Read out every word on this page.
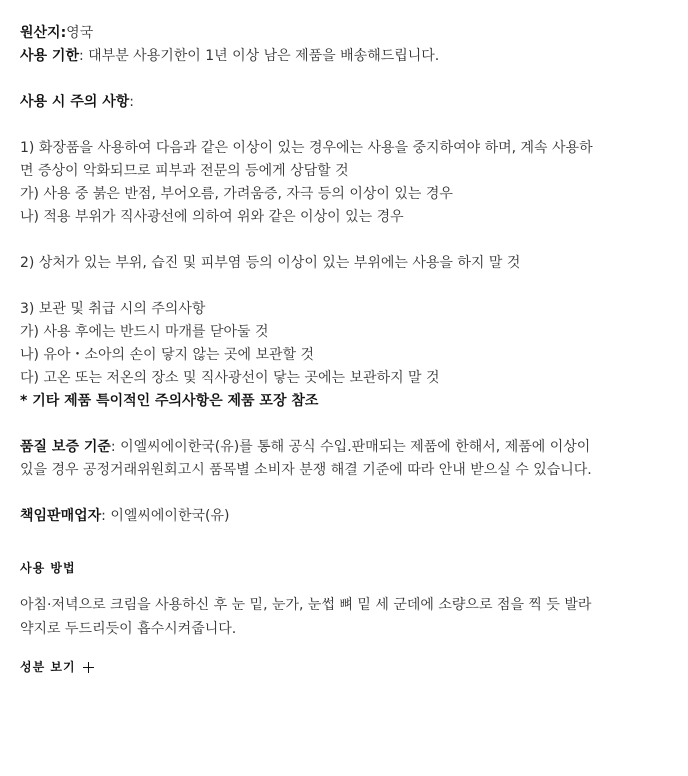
원산지:영국
사용 기한: 대부분 사용기한이 1년 이상 남은 제품을 배송해드립니다.
사용 시 주의 사항:
1) 화장품을 사용하여 다음과 같은 이상이 있는 경우에는 사용을 중지하여야 하며, 계속 사용하
면 증상이 악화되므로 피부과 전문의 등에게 상담할 것
가) 사용 중 붉은 반점, 부어오름, 가려움증, 자극 등의 이상이 있는 경우
나) 적용 부위가 직사광선에 의하여 위와 같은 이상이 있는 경우
2) 상처가 있는 부위, 습진 및 피부염 등의 이상이 있는 부위에는 사용을 하지 말 것
3) 보관 및 취급 시의 주의사항
가) 사용 후에는 반드시 마개를 닫아둘 것
나) 유아・소아의 손이 닿지 않는 곳에 보관할 것
다) 고온 또는 저온의 장소 및 직사광선이 닿는 곳에는 보관하지 말 것
* 기타 제품 특이적인 주의사항은 제품 포장 참조
품질 보증 기준: 이엘씨에이한국(유)를 통해 공식 수입.판매되는 제품에 한해서, 제품에 이상이
있을 경우 공정거래위원회고시 품목별 소비자 분쟁 해결 기준에 따라 안내 받으실 수 있습니다.
책임판매업자: 이엘씨에이한국(유)
사용 방법
아침·저녁으로 크림을 사용하신 후 눈 밑, 눈가, 눈썹 뼈 밑 세 군데에 소량으로 점을 찍 듯 발라
약지로 두드리듯이 흡수시켜줍니다.
성분 보기
